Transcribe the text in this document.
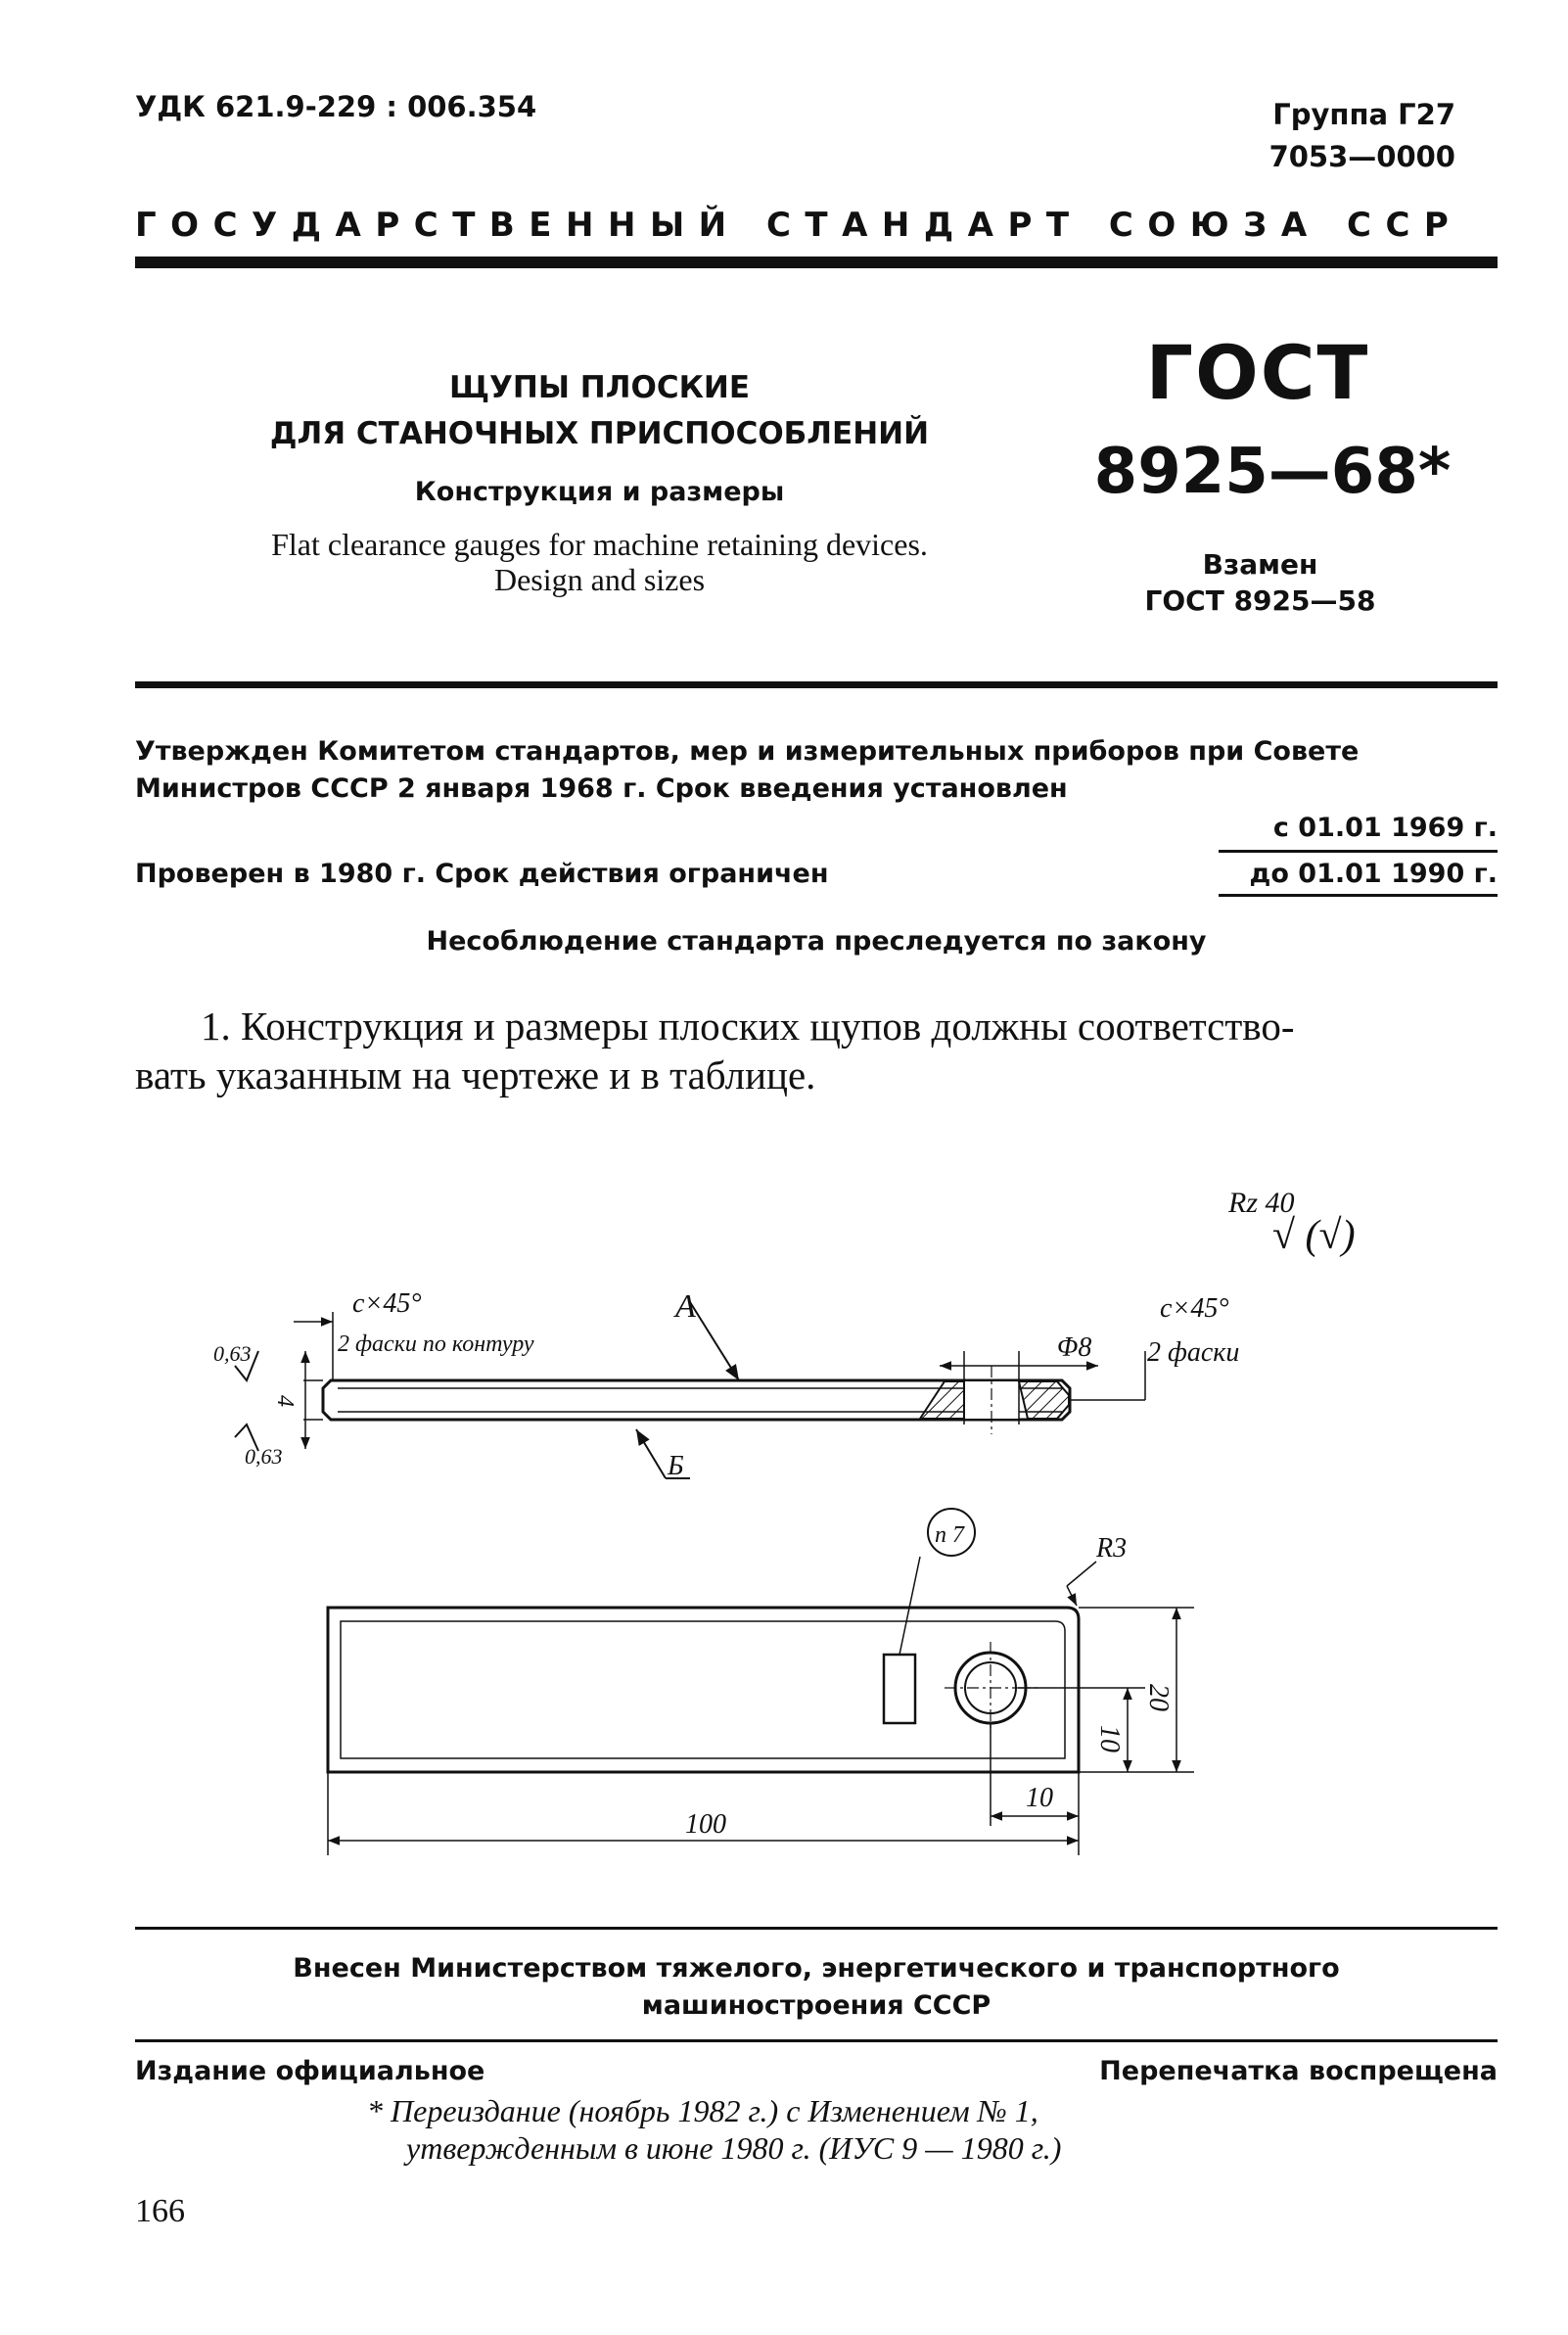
УДК 621.9-229 : 006.354	Группа Г27
7053—0000
ГОСУДАРСТВЕННЫЙ СТАНДАРТ СОЮЗА ССР
ЩУПЫ ПЛОСКИЕ
ДЛЯ СТАНОЧНЫХ ПРИСПОСОБЛЕНИЙ
Конструкция и размеры
Flat clearance gauges for machine retaining devices.
Design and sizes
ГОСТ
8925—68*
Взамен
ГОСТ 8925—58
Утвержден Комитетом стандартов, мер и измерительных приборов при Совете
Министров СССР 2 января 1968 г. Срок введения установлен
с 01.01 1969 г.
Проверен в 1980 г. Срок действия ограничен	до 01.01 1990 г.
Несоблюдение стандарта преследуется по закону
1. Конструкция и размеры плоских щупов должны соответство-
вать указанным на чертеже и в таблице.
Rz 40
√ (√)
c×45°
2 фаски по контуру
A
Φ8
c×45°
2 фаски
0,63
0,63
4
Б
п 7	R3
20
10
10
100
Внесен Министерством тяжелого, энергетического и транспортного
машиностроения СССР
Издание официальное	Перепечатка воспрещена
* Переиздание (ноябрь 1982 г.) с Изменением № 1,
утвержденным в июне 1980 г. (ИУС 9 — 1980 г.)
166
